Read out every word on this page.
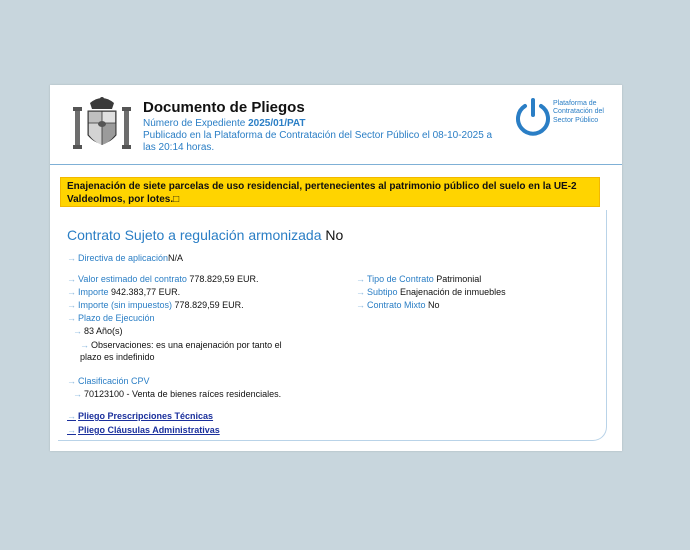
Documento de Pliegos
Número de Expediente 2025/01/PAT
Publicado en la Plataforma de Contratación del Sector Público el 08-10-2025 a
las 20:14 horas.
Plataforma de Contratación del Sector Público
Enajenación de siete parcelas de uso residencial, pertenecientes al patrimonio público del suelo en la UE-2 Valdeolmos, por lotes.□
Contrato Sujeto a regulación armonizada No
→ Directiva de aplicaciónN/A
→ Valor estimado del contrato 778.829,59 EUR.
→ Importe 942.383,77 EUR.
→ Importe (sin impuestos) 778.829,59 EUR.
→ Plazo de Ejecución
→ 83 Año(s)
→ Observaciones: es una enajenación por tanto el plazo es indefinido
→ Tipo de Contrato Patrimonial
→ Subtipo Enajenación de inmuebles
→ Contrato Mixto No
→ Clasificación CPV
→ 70123100 - Venta de bienes raíces residenciales.
→ Pliego Prescripciones Técnicas
→ Pliego Cláusulas Administrativas
